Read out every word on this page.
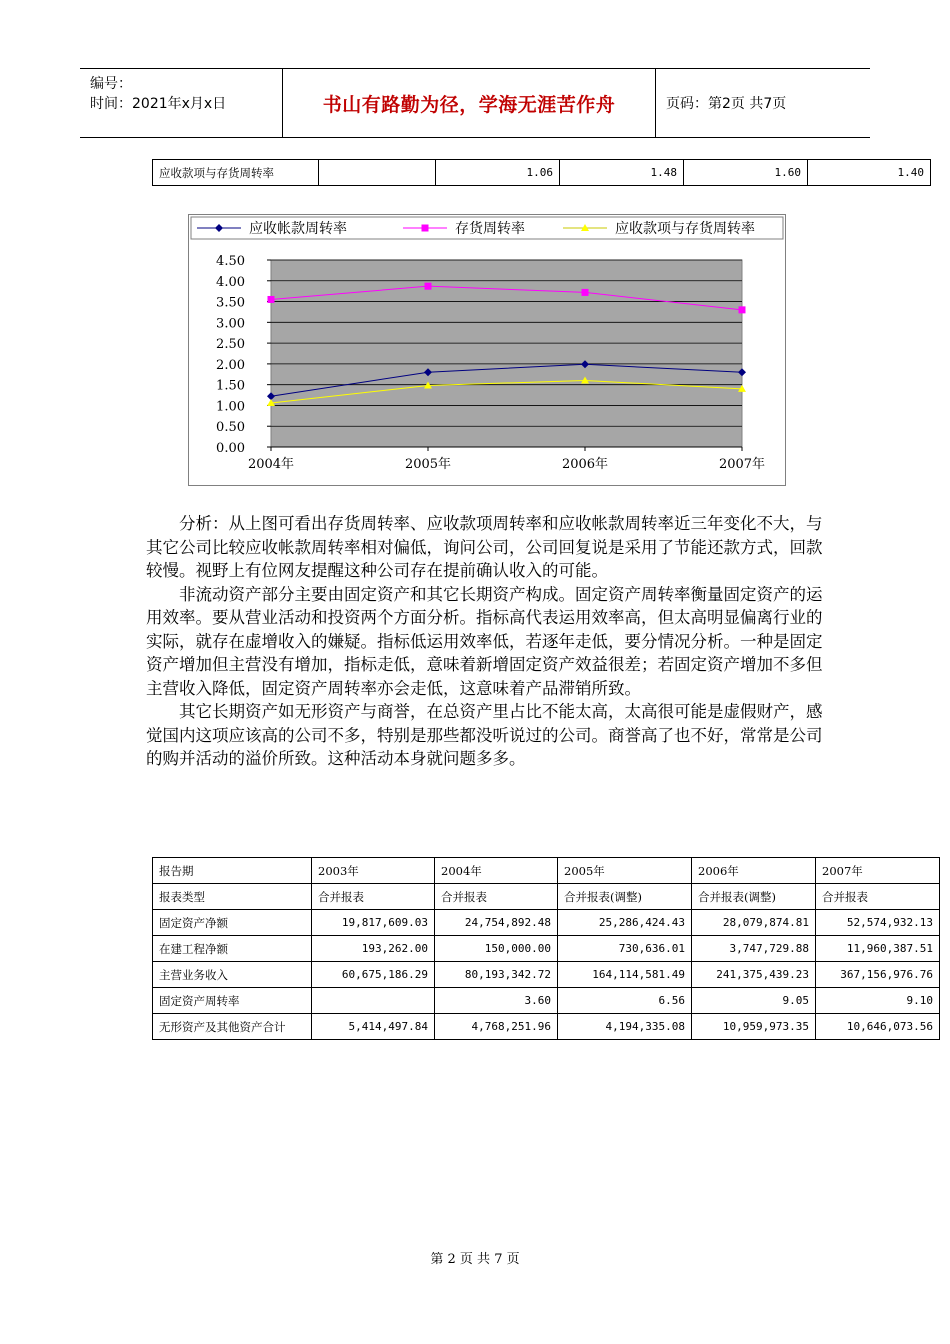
编号：
时间：2021年x月x日	书山有路勤为径，学海无涯苦作舟	页码：第2页 共7页
应收款项与存货周转率		1.06	1.48	1.60	1.40
应收帐款周转率	存货周转率	应收款项与存货周转率
0.00
0.50
1.00
1.50
2.00
2.50
3.00
3.50
4.00
4.50
2004年	2005年	2006年	2007年

分析：从上图可看出存货周转率、应收款项周转率和应收帐款周转率近三年变化不大，与其它公司比较应收帐款周转率相对偏低，询问公司，公司回复说是采用了节能还款方式，回款较慢。视野上有位网友提醒这种公司存在提前确认收入的可能。

非流动资产部分主要由固定资产和其它长期资产构成。固定资产周转率衡量固定资产的运用效率。要从营业活动和投资两个方面分析。指标高代表运用效率高，但太高明显偏离行业的实际，就存在虚增收入的嫌疑。指标低运用效率低，若逐年走低，要分情况分析。一种是固定资产增加但主营没有增加，指标走低，意味着新增固定资产效益很差；若固定资产增加不多但主营收入降低，固定资产周转率亦会走低，这意味着产品滞销所致。

其它长期资产如无形资产与商誉，在总资产里占比不能太高，太高很可能是虚假财产，感觉国内这项应该高的公司不多，特别是那些都没听说过的公司。商誉高了也不好，常常是公司的购并活动的溢价所致。这种活动本身就问题多多。

报告期	2003年	2004年	2005年	2006年	2007年
报表类型	合并报表	合并报表	合并报表(调整)	合并报表(调整)	合并报表
固定资产净额	19,817,609.03	24,754,892.48	25,286,424.43	28,079,874.81	52,574,932.13
在建工程净额	193,262.00	150,000.00	730,636.01	3,747,729.88	11,960,387.51
主营业务收入	60,675,186.29	80,193,342.72	164,114,581.49	241,375,439.23	367,156,976.76
固定资产周转率		3.60	6.56	9.05	9.10
无形资产及其他资产合计	5,414,497.84	4,768,251.96	4,194,335.08	10,959,973.35	10,646,073.56
第 2 页 共 7 页
